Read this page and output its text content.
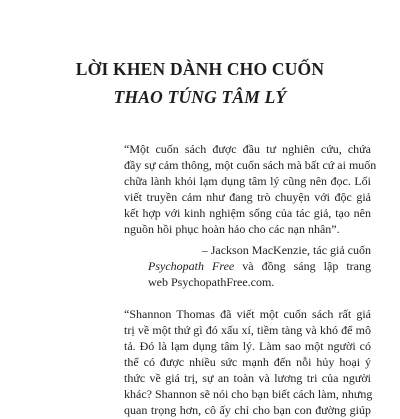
LỜI KHEN DÀNH CHO CUỐN
THAO TÚNG TÂM LÝ
“Một cuốn sách được đầu tư nghiên cứu, chứa
đầy sự cảm thông, một cuốn sách mà bất cứ ai muốn
chữa lành khỏi lạm dụng tâm lý cũng nên đọc. Lối
viết truyền cảm như đang trò chuyện với độc giả
kết hợp với kinh nghiệm sống của tác giả, tạo nên
nguồn hồi phục hoàn hảo cho các nạn nhân”.
– Jackson MacKenzie, tác giả cuốn
Psychopath Free và đồng sáng lập trang
web PsychopathFree.com.
“Shannon Thomas đã viết một cuốn sách rất giá
trị về một thứ gì đó xấu xí, tiềm tàng và khó để mô
tả. Đó là lạm dụng tâm lý. Làm sao một người có
thể có được nhiều sức mạnh đến nỗi hủy hoại ý
thức về giá trị, sự an toàn và lương tri của người
khác? Shannon sẽ nói cho bạn biết cách làm, nhưng
quan trọng hơn, cô ấy chỉ cho bạn con đường giúp
